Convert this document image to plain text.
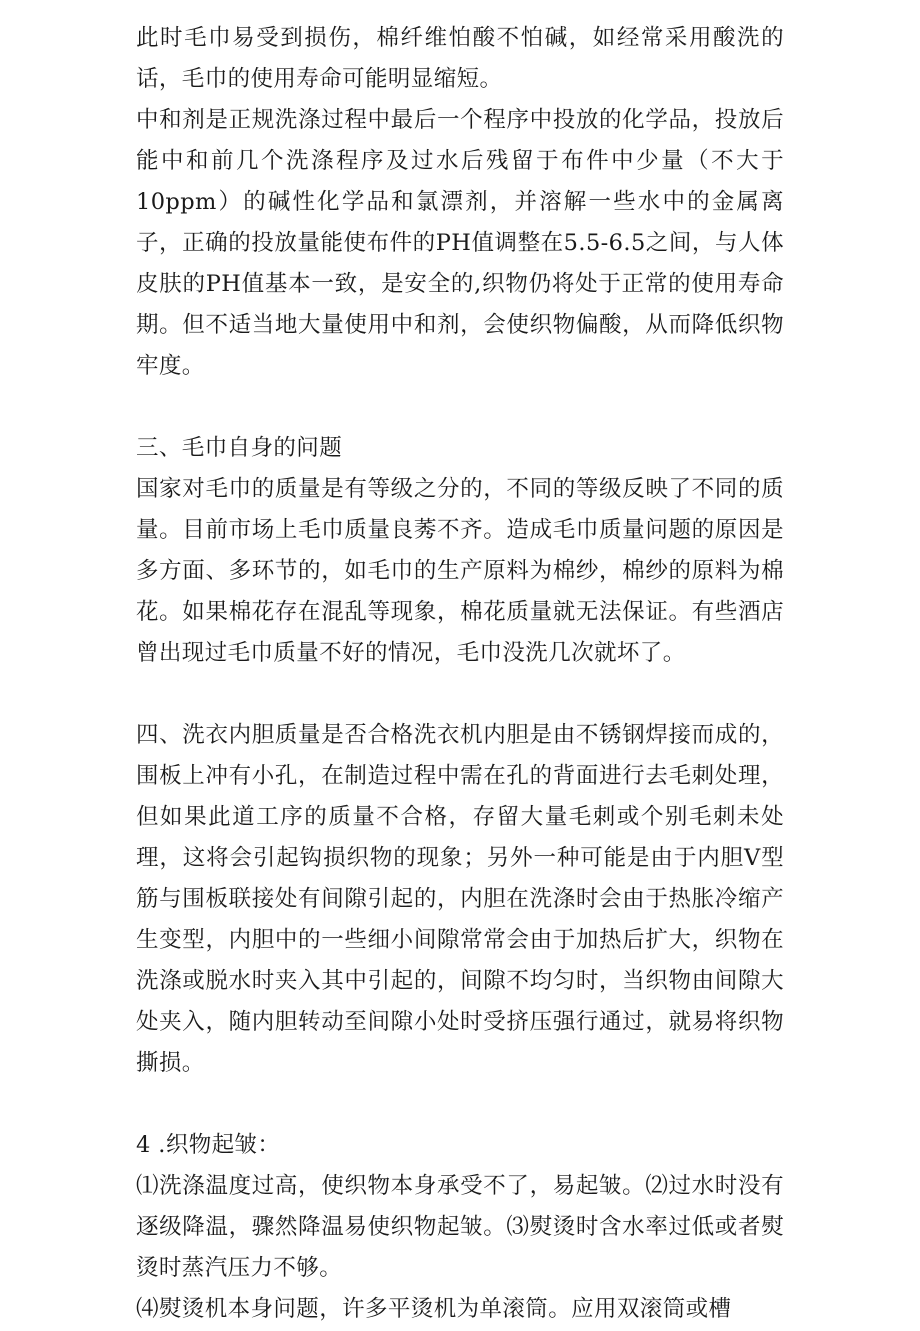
此时毛巾易受到损伤，棉纤维怕酸不怕碱，如经常采用酸洗的话，毛巾的使用寿命可能明显缩短。

中和剂是正规洗涤过程中最后一个程序中投放的化学品，投放后能中和前几个洗涤程序及过水后残留于布件中少量（不大于10ppm）的碱性化学品和氯漂剂，并溶解一些水中的金属离子，正确的投放量能使布件的PH值调整在5.5-6.5之间，与人体皮肤的PH值基本一致，是安全的,织物仍将处于正常的使用寿命期。但不适当地大量使用中和剂，会使织物偏酸，从而降低织物牢度。

三、毛巾自身的问题

国家对毛巾的质量是有等级之分的，不同的等级反映了不同的质量。目前市场上毛巾质量良莠不齐。造成毛巾质量问题的原因是多方面、多环节的，如毛巾的生产原料为棉纱，棉纱的原料为棉花。如果棉花存在混乱等现象，棉花质量就无法保证。有些酒店曾出现过毛巾质量不好的情况，毛巾没洗几次就坏了。

四、洗衣内胆质量是否合格洗衣机内胆是由不锈钢焊接而成的，围板上冲有小孔，在制造过程中需在孔的背面进行去毛刺处理，但如果此道工序的质量不合格，存留大量毛刺或个别毛刺未处理，这将会引起钩损织物的现象；另外一种可能是由于内胆V型筋与围板联接处有间隙引起的，内胆在洗涤时会由于热胀冷缩产生变型，内胆中的一些细小间隙常常会由于加热后扩大，织物在洗涤或脱水时夹入其中引起的，间隙不均匀时，当织物由间隙大处夹入，随内胆转动至间隙小处时受挤压强行通过，就易将织物撕损。

4 .织物起皱：

⑴洗涤温度过高，使织物本身承受不了，易起皱。⑵过水时没有逐级降温，骤然降温易使织物起皱。⑶熨烫时含水率过低或者熨烫时蒸汽压力不够。

⑷熨烫机本身问题，许多平烫机为单滚筒。应用双滚筒或槽
